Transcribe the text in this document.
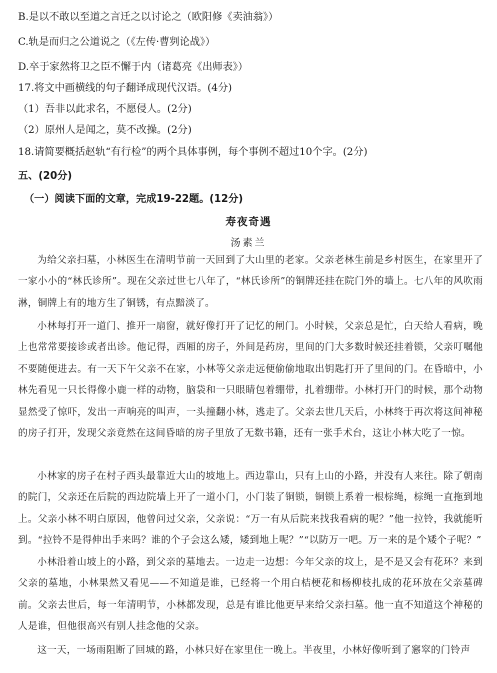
B.是以不敢以至道之言迁之以讨论之（欧阳修《卖油翁》）
C.轨是而归之公道说之（《左传·曹刿论战》）
D.卒于家然将卫之臣不懈于内（诸葛亮《出师表》）
17.将文中画横线的句子翻译成现代汉语。(4分)
（1）吾非以此求名，不愿侵人。(2分)
（2）原州人是闻之，莫不改操。(2分)
18.请简要概括赵轨“有行检”的两个具体事例，每个事例不超过10个字。(2分)
五、(20分)
（一）阅读下面的文章，完成19-22题。(12分)
寿夜奇遇
汤素兰
为给父亲扫墓，小林医生在清明节前一天回到了大山里的老家。父亲老林生前是乡村医生，在家里开了一家小小的“林氏诊所”。现在父亲过世七八年了，“林氏诊所”的铜牌还挂在院门外的墙上。七八年的风吹雨淋，铜牌上有的地方生了铜锈，有点黯淡了。
小林每打开一道门、推开一扇窗，就好像打开了记忆的闸门。小时候，父亲总是忙，白天给人看病，晚上也常常要接诊或者出诊。他记得，西厢的房子，外间是药房，里间的门大多数时候还挂着锁，父亲叮嘱他不要随便进去。有一天下午父亲不在家，小林等父亲走远便偷偷地取出钥匙打开了里间的门。在昏暗中，小林先看见一只长得像小鹿一样的动物，脑袋和一只眼睛包着绷带，扎着绷带。小林打开门的时候，那个动物显然受了惊吓，发出一声响亮的叫声，一头撞翻小林，逃走了。父亲去世几天后，小林终于再次将这间神秘的房子打开，发现父亲竟然在这间昏暗的房子里放了无数书籍，还有一张手术台，这让小林大吃了一惊。
小林家的房子在村子西头最靠近大山的坡地上。西边靠山，只有上山的小路，并没有人来往。除了朝南的院门，父亲还在后院的西边院墙上开了一道小门，小门装了铜锁，铜锁上系着一根棕绳，棕绳一直拖到地上。父亲小林不明白原因，他曾问过父亲，父亲说：“万一有从后院来找我看病的呢？”他一拉铃，我就能听到。“拉铃不是得伸出手来吗？谁的个子会这么矮，矮到地上呢？”“以防万一吧。万一来的是个矮个子呢？”
小林沿着山坡上的小路，到父亲的墓地去。一边走一边想：今年父亲的坟上，是不是又会有花环？来到父亲的墓地，小林果然又看见——不知道是谁，已经将一个用白桔梗花和杨柳枝扎成的花环放在父亲墓碑前。父亲去世后，每一年清明节，小林都发现，总是有谁比他更早来给父亲扫墓。他一直不知道这个神秘的人是谁，但他很高兴有别人挂念他的父亲。
这一天，一场雨阻断了回城的路，小林只好在家里住一晚上。半夜里，小林好像听到了窸窣的门铃声
